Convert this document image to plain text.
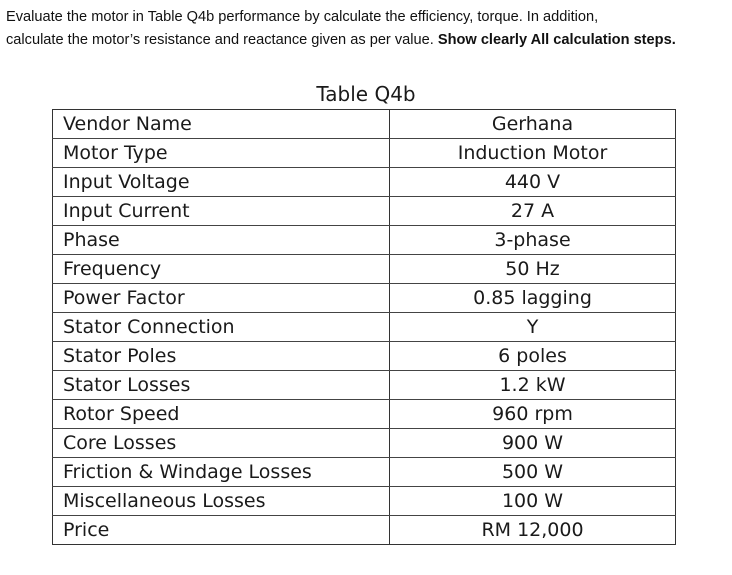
Evaluate the motor in Table Q4b performance by calculate the efficiency, torque. In addition,
calculate the motor’s resistance and reactance given as per value. Show clearly All calculation steps.
Table Q4b
Vendor Name	Gerhana
Motor Type	Induction Motor
Input Voltage	440 V
Input Current	27 A
Phase	3-phase
Frequency	50 Hz
Power Factor	0.85 lagging
Stator Connection	Y
Stator Poles	6 poles
Stator Losses	1.2 kW
Rotor Speed	960 rpm
Core Losses	900 W
Friction & Windage Losses	500 W
Miscellaneous Losses	100 W
Price	RM 12,000
